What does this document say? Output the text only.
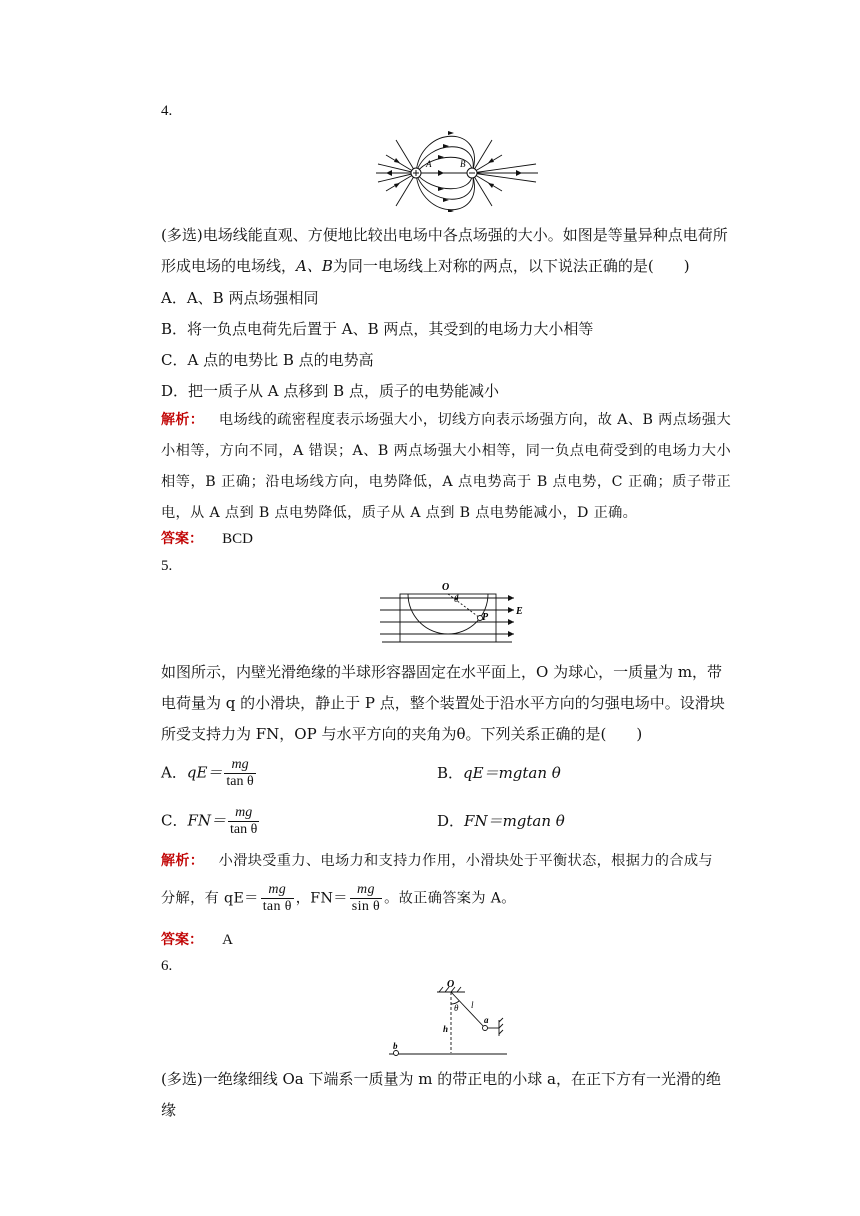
4.
A	B
(多选)电场线能直观、方便地比较出电场中各点场强的大小。如图是等量异种点电荷所形成电场的电场线，A、B为同一电场线上对称的两点，以下说法正确的是(　　)
A．A、B 两点场强相同
B．将一负点电荷先后置于 A、B 两点，其受到的电场力大小相等
C．A 点的电势比 B 点的电势高
D．把一质子从 A 点移到 B 点，质子的电势能减小
解析： 电场线的疏密程度表示场强大小，切线方向表示场强方向，故 A、B 两点场强大小相等，方向不同，A 错误；A、B 两点场强大小相等，同一负点电荷受到的电场力大小相等，B 正确；沿电场线方向，电势降低，A 点电势高于 B 点电势，C 正确；质子带正电，从 A 点到 B 点电势降低，质子从 A 点到 B 点电势能减小，D 正确。
答案： BCD
5.
O
θ
P
E
如图所示，内壁光滑绝缘的半球形容器固定在水平面上，O 为球心，一质量为 m，带电荷量为 q 的小滑块，静止于 P 点，整个装置处于沿水平方向的匀强电场中。设滑块所受支持力为 FN，OP 与水平方向的夹角为θ。下列关系正确的是(　　)
A．$qE= \frac{mg}{\text{tan θ}}$	B．qE＝mgtan θ
C．$FN= \frac{mg}{\text{tan θ}}$	D．FN＝mgtan θ
解析： 小滑块受重力、电场力和支持力作用，小滑块处于平衡状态，根据力的合成与
分解，有 $qE= \frac{mg}{\text{tan θ}}$ ，$FN= \frac{mg}{\text{sin θ}}$ 。故正确答案为 A。
答案： A
6.
O
θ l
h
a
b
(多选)一绝缘细线 Oa 下端系一质量为 m 的带正电的小球 a，在正下方有一光滑的绝缘
